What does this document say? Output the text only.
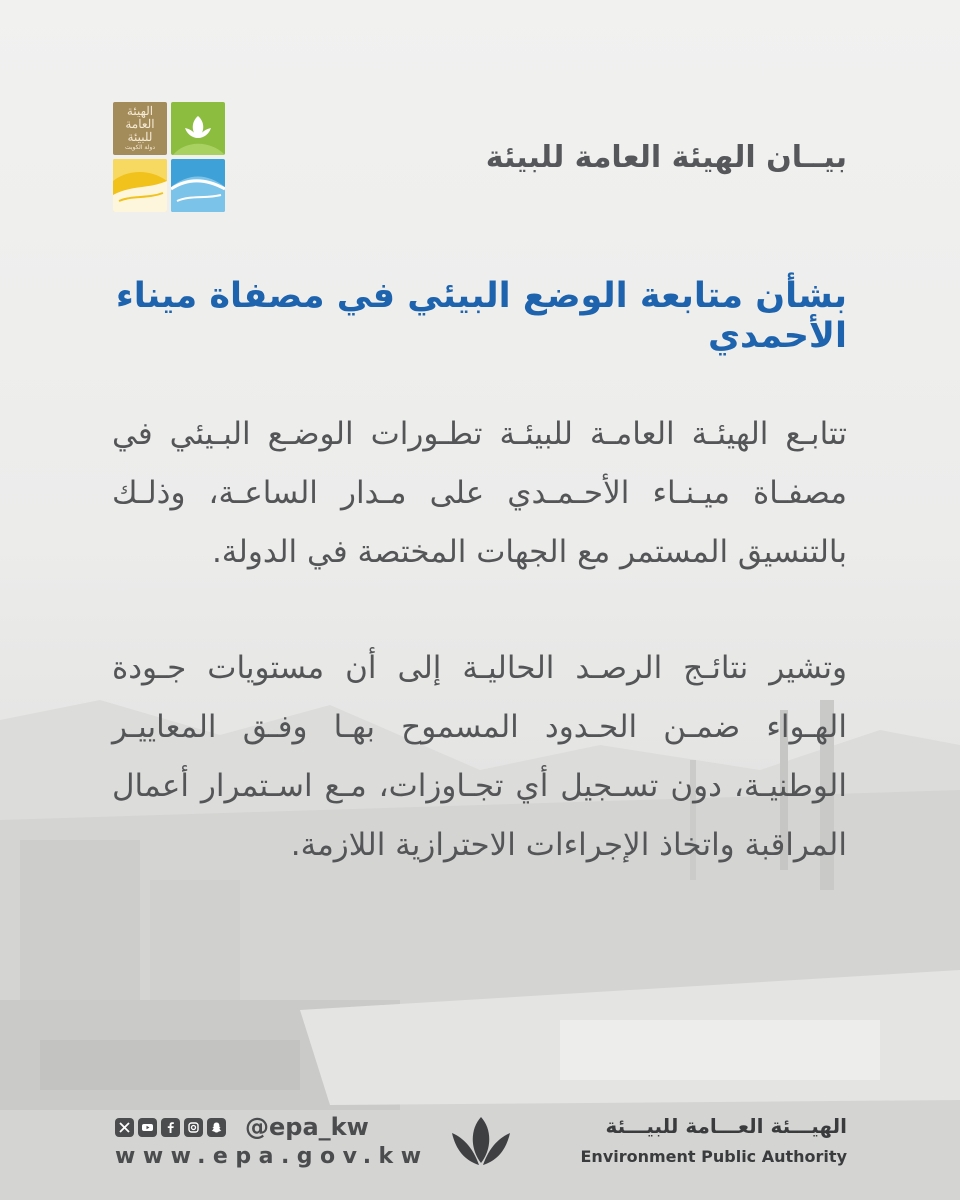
الهيئة
العامة
للبيئة
دولة الكويت	بيــان الهيئة العامة للبيئة
بشأن متابعة الوضع البيئي في مصفاة ميناء الأحمدي
تتابـع الهيئـة العامـة للبيئـة تطـورات الوضـع البـيئي في مصفـاة ميـنـاء الأحـمـدي على مـدار الساعـة، وذلـك بالتنسيق المستمر مع الجهات المختصة في الدولة.
وتشير نتائـج الرصـد الحاليـة إلى أن مستويات جـودة الهـواء ضمـن الحـدود المسموح بهـا وفـق المعاييـر الوطنيـة، دون تسـجيل أي تجـاوزات، مـع اسـتمرار أعمال المراقبة واتخاذ الإجراءات الاحترازية اللازمة.
@epa_kw
www.epa.gov.kw
الهيـــئة العـــامة للبيـــئة
Environment Public Authority
